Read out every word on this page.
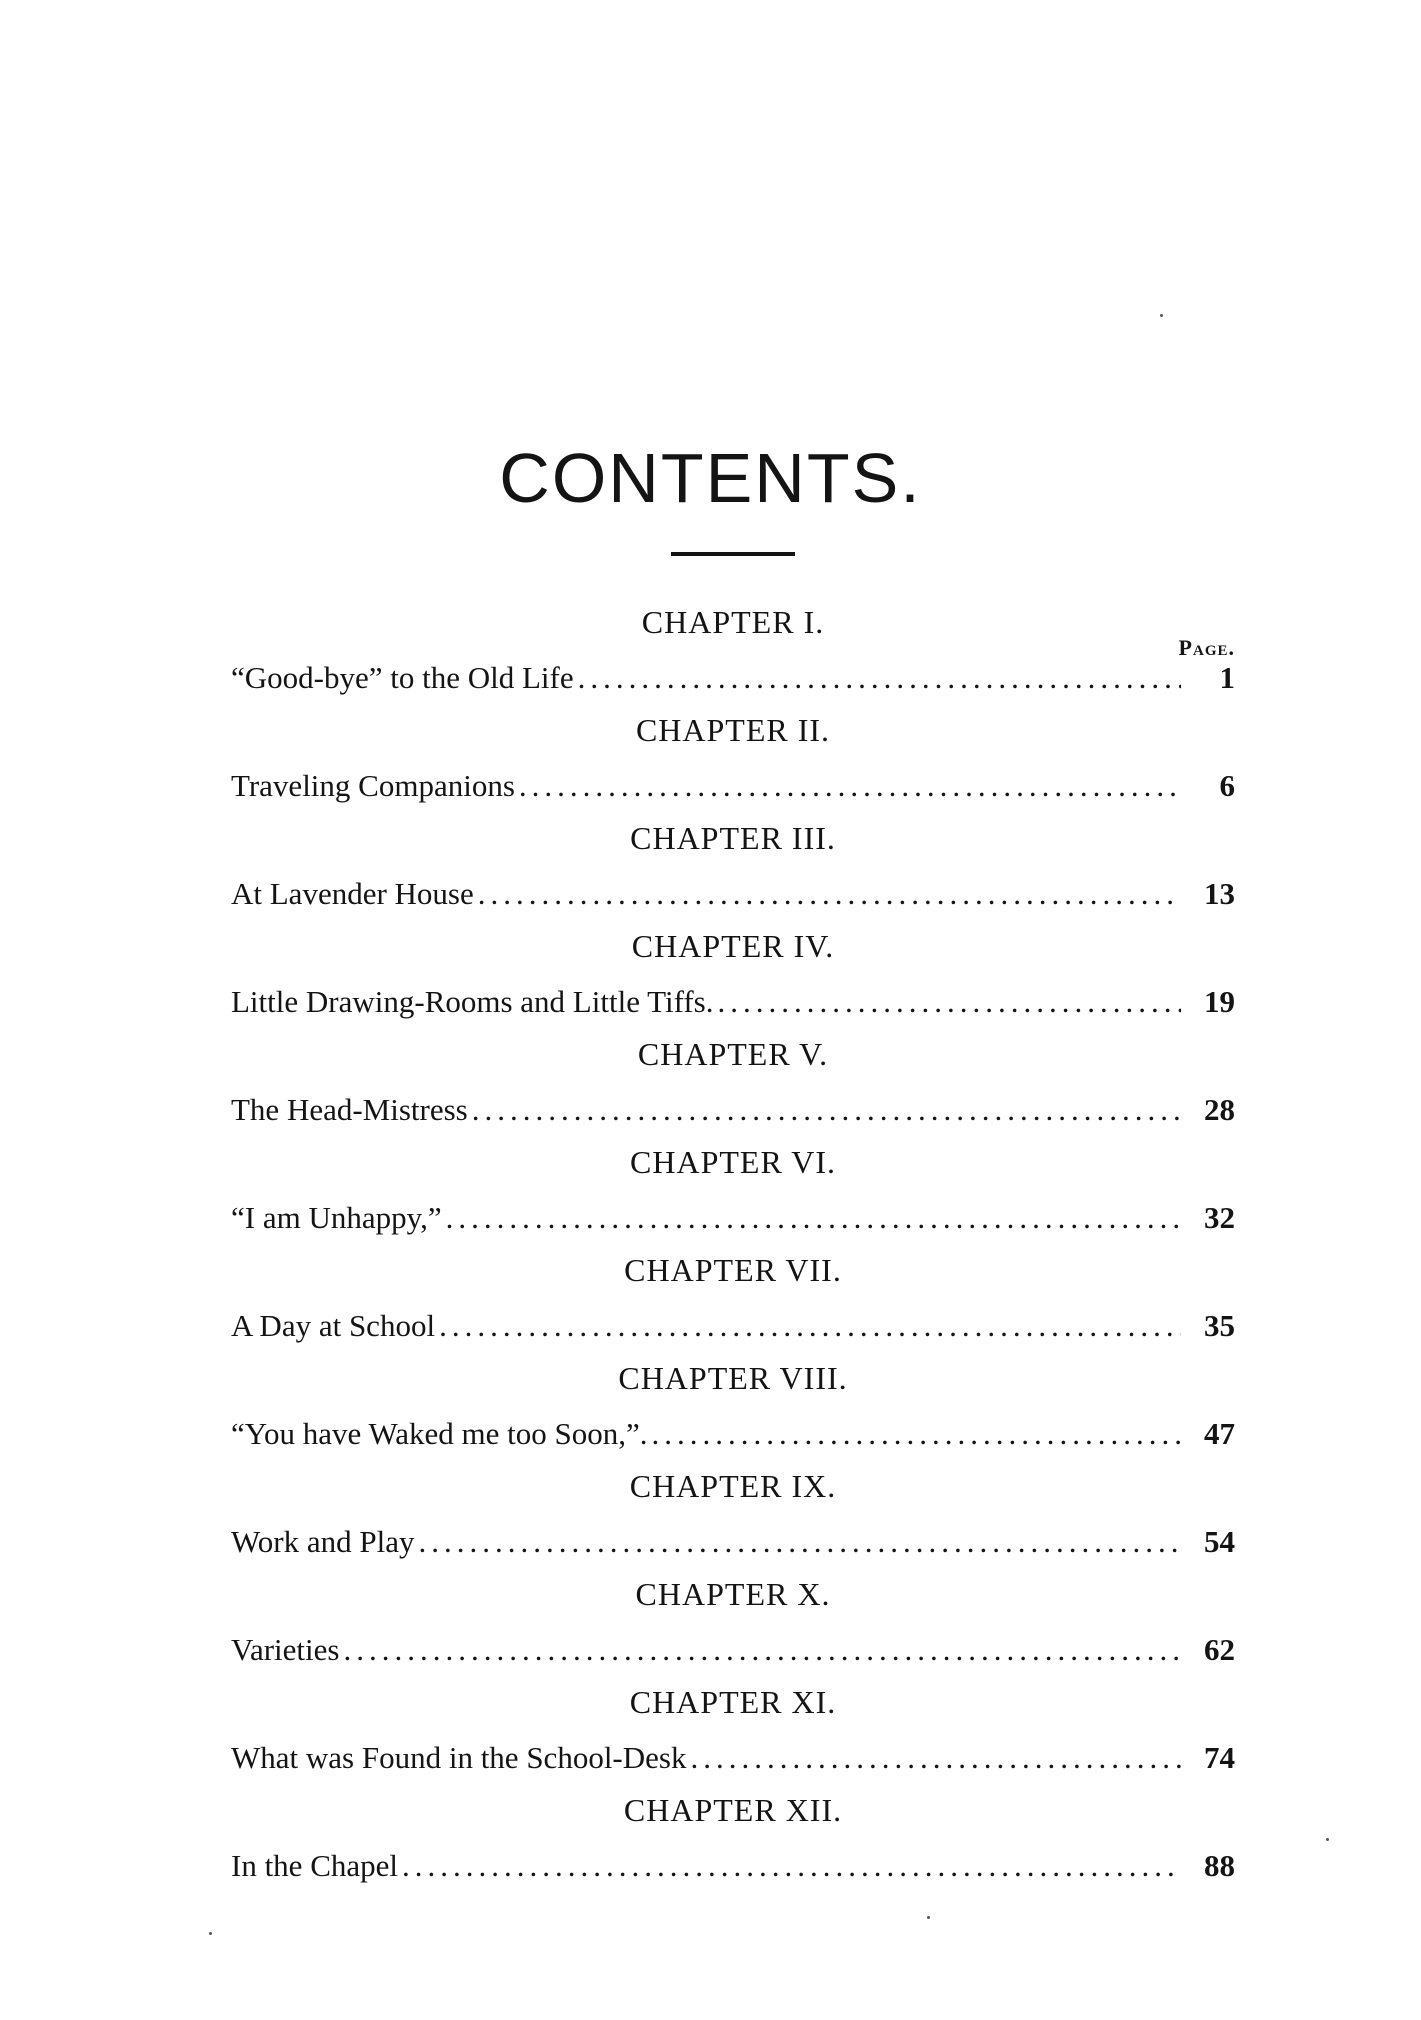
CONTENTS.
Page.
CHAPTER I.
“Good-bye” to the Old Life .....	1
CHAPTER II.
Traveling Companions .....	6
CHAPTER III.
At Lavender House .....	13
CHAPTER IV.
Little Drawing-Rooms and Little Tiffs. .....	19
CHAPTER V.
The Head-Mistress .....	28
CHAPTER VI.
“I am Unhappy,” .....	32
CHAPTER VII.
A Day at School .....	35
CHAPTER VIII.
“You have Waked me too Soon,”. .....	47
CHAPTER IX.
Work and Play .....	54
CHAPTER X.
Varieties .....	62
CHAPTER XI.
What was Found in the School-Desk .....	74
CHAPTER XII.
In the Chapel .....	88
